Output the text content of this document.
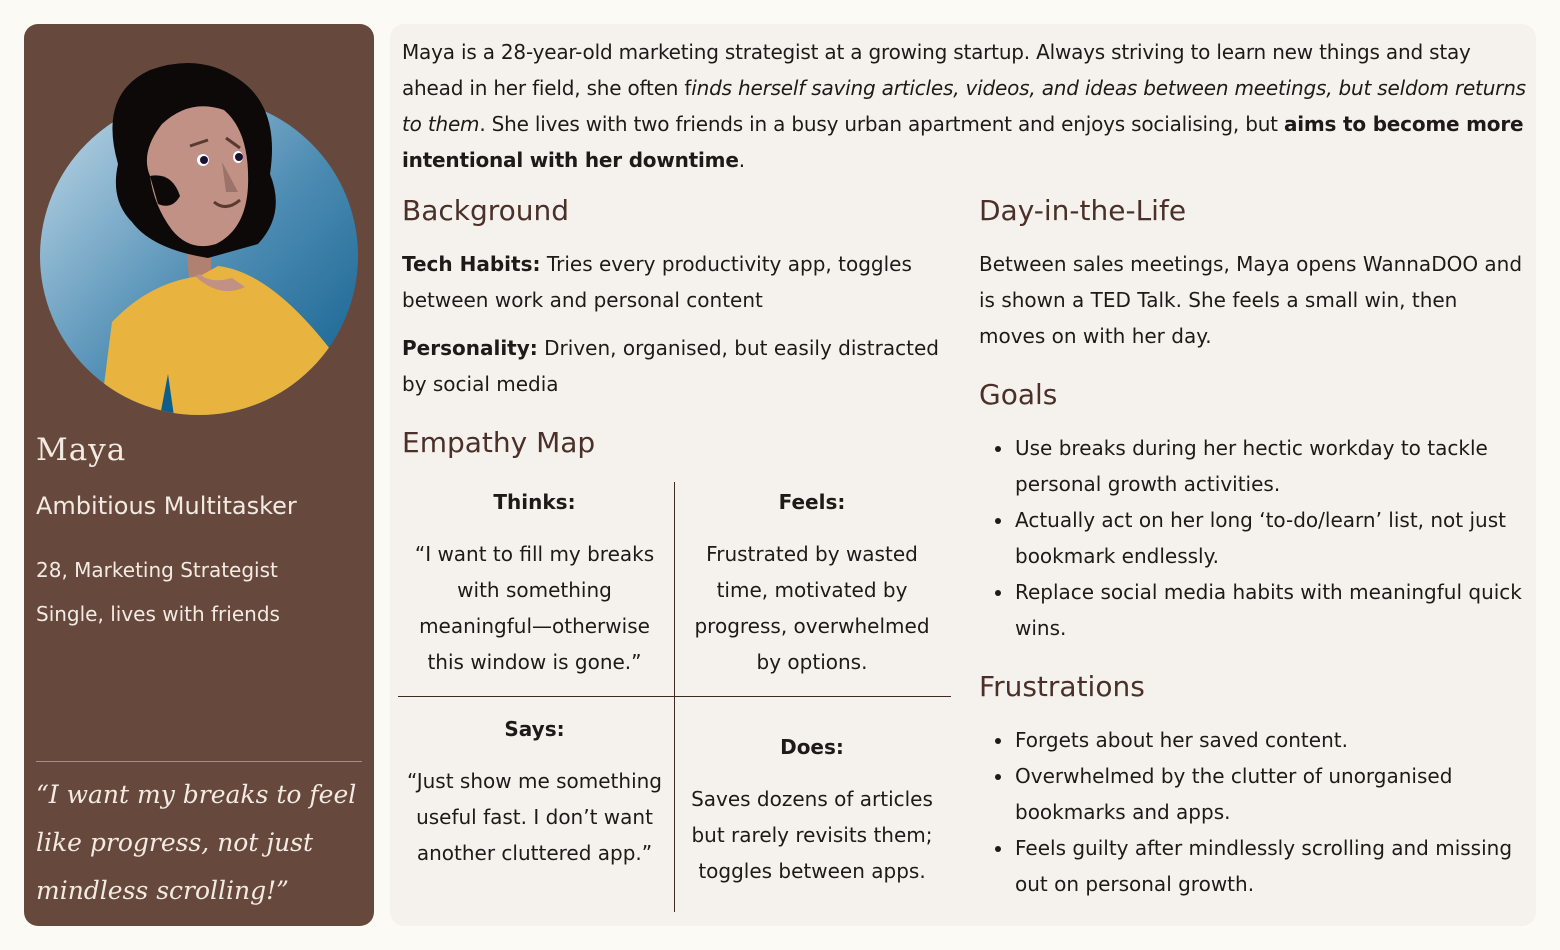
Maya
Ambitious Multitasker
28, Marketing Strategist
Single, lives with friends
“I want my breaks to feel like progress, not just mindless scrolling!”

Maya is a 28-year-old marketing strategist at a growing startup. Always striving to learn new things and stay ahead in her field, she often finds herself saving articles, videos, and ideas between meetings, but seldom returns to them. She lives with two friends in a busy urban apartment and enjoys socialising, but aims to become more intentional with her downtime.

Background

Tech Habits: Tries every productivity app, toggles between work and personal content

Personality: Driven, organised, but easily distracted by social media

Empathy Map
Thinks:
“I want to fill my breaks with something meaningful—otherwise this window is gone.”
Feels:
Frustrated by wasted time, motivated by progress, overwhelmed by options.
Says:
“Just show me something useful fast. I don’t want another cluttered app.”
Does:
Saves dozens of articles but rarely revisits them; toggles between apps.
Day-in-the-Life

Between sales meetings, Maya opens WannaDOO and is shown a TED Talk. She feels a small win, then moves on with her day.

Goals
Use breaks during her hectic workday to tackle personal growth activities.
Actually act on her long ‘to-do/learn’ list, not just bookmark endlessly.
Replace social media habits with meaningful quick wins.
Frustrations
Forgets about her saved content.
Overwhelmed by the clutter of unorganised bookmarks and apps.
Feels guilty after mindlessly scrolling and missing out on personal growth.
